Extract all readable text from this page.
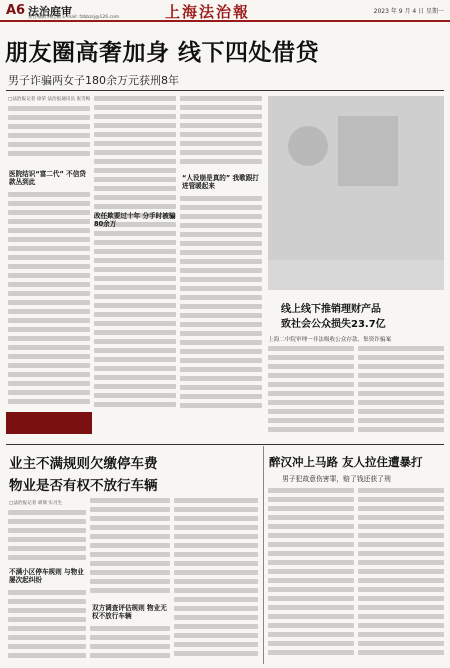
A6 法治庭审
责任编辑 陈佳颖 E-mail: fzbbzsj@126.com	上海法治報	2023 年 9 月 4 日 星期一
朋友圈高奢加身 线下四处借贷
男子诈骗两女子180余万元获刑8年
□法治报记者 徐荣 法治报通讯员 张雪梅
医院结识“富二代” 不信贷款丛到此

改任欺要过十年 分手时被骗80余万
“人设崩是真的” 我歌跟打进管暖起来
线上线下推销理财产品
致社会公众损失23.7亿
上海二中院审理一非法吸收公众存款、集资诈骗案
业主不满规则欠缴停车费
物业是否有权不放行车辆
□法治报记者 胡瑞 实习生
不满小区停车规则 与物业屡次起纠纷
双方调查评估规则 物业无权不放行车辆
醉汉冲上马路 友人拉住遭暴打
男子犯故意伤害罪，赔了钱还获了刑
